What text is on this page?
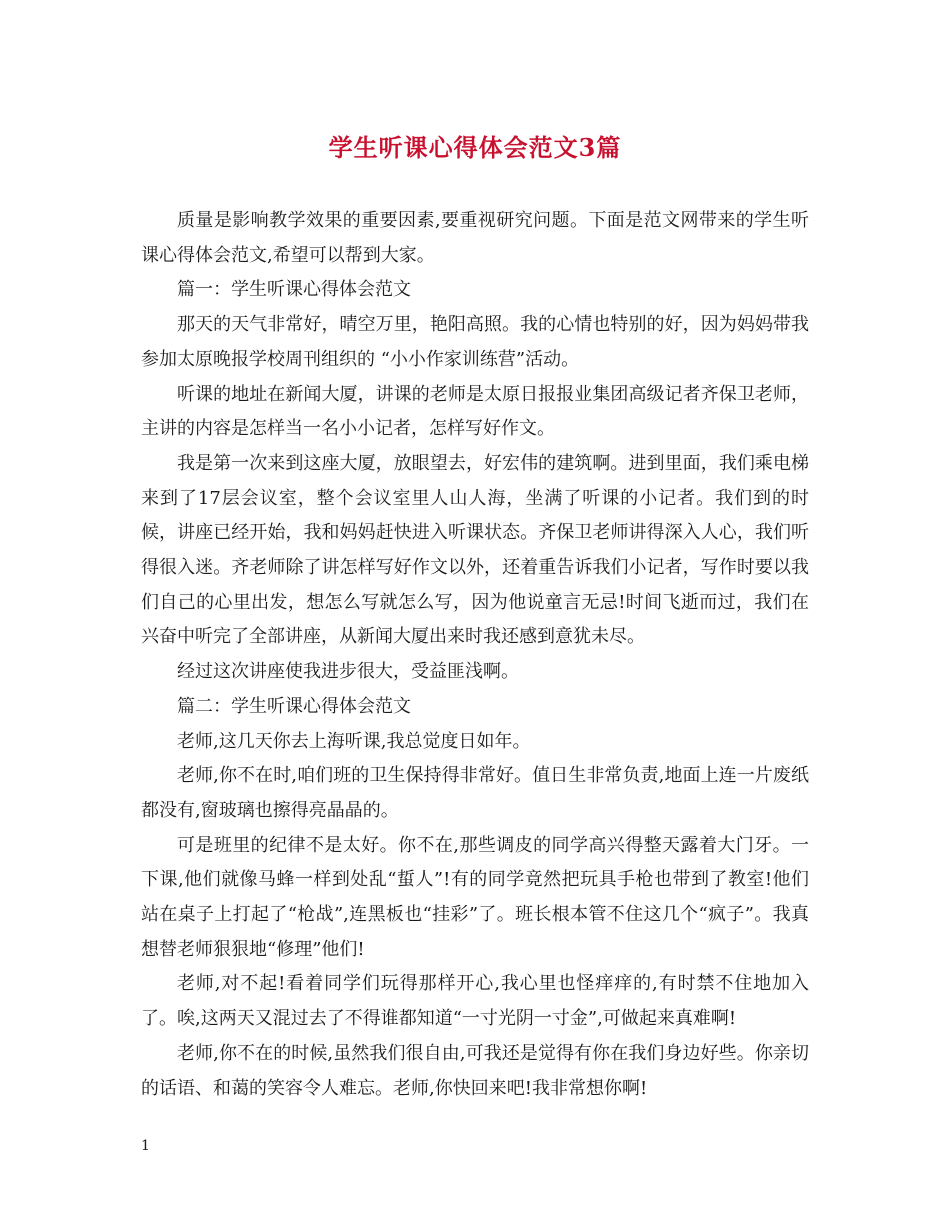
学生听课心得体会范文3篇

质量是影响教学效果的重要因素,要重视研究问题。下面是范文网带来的学生听课心得体会范文,希望可以帮到大家。

篇一：学生听课心得体会范文

那天的天气非常好，晴空万里，艳阳高照。我的心情也特别的好，因为妈妈带我参加太原晚报学校周刊组织的 “小小作家训练营”活动。

听课的地址在新闻大厦，讲课的老师是太原日报报业集团高级记者齐保卫老师，主讲的内容是怎样当一名小小记者，怎样写好作文。

我是第一次来到这座大厦，放眼望去，好宏伟的建筑啊。进到里面，我们乘电梯来到了17层会议室，整个会议室里人山人海，坐满了听课的小记者。我们到的时候，讲座已经开始，我和妈妈赶快进入听课状态。齐保卫老师讲得深入人心，我们听得很入迷。齐老师除了讲怎样写好作文以外，还着重告诉我们小记者，写作时要以我们自己的心里出发，想怎么写就怎么写，因为他说童言无忌!时间飞逝而过，我们在兴奋中听完了全部讲座，从新闻大厦出来时我还感到意犹未尽。

经过这次讲座使我进步很大，受益匪浅啊。

篇二：学生听课心得体会范文

老师,这几天你去上海听课,我总觉度日如年。

老师,你不在时,咱们班的卫生保持得非常好。值日生非常负责,地面上连一片废纸都没有,窗玻璃也擦得亮晶晶的。

可是班里的纪律不是太好。你不在,那些调皮的同学高兴得整天露着大门牙。一下课,他们就像马蜂一样到处乱“蜇人”!有的同学竟然把玩具手枪也带到了教室!他们站在桌子上打起了“枪战”,连黑板也“挂彩”了。班长根本管不住这几个“疯子”。我真想替老师狠狠地“修理”他们!

老师,对不起!看着同学们玩得那样开心,我心里也怪痒痒的,有时禁不住地加入了。唉,这两天又混过去了不得谁都知道“一寸光阴一寸金”,可做起来真难啊!

老师,你不在的时候,虽然我们很自由,可我还是觉得有你在我们身边好些。你亲切的话语、和蔼的笑容令人难忘。老师,你快回来吧!我非常想你啊!

1
